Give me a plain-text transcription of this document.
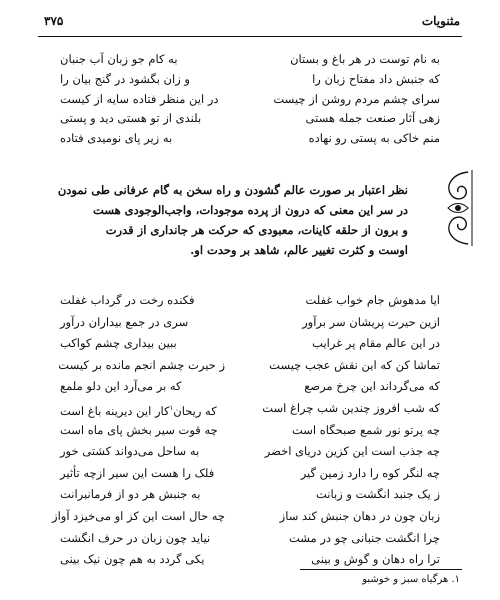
مثنویات
۳۷۵
به نام توست در هر باغ و بستان
به کام جو زبان آب جنبان
که جنبش داد مفتاح زبان را
و زان بگشود در گنج بیان را
سرای چشم مردم روشن از چیست
در این منظر فتاده سایه از کیست
زهی آثار صنعت جمله هستی
بلندی از تو هستی دید و پستی
منم خاکی به پستی رو نهاده
به زیر پای نومیدی فتاده
نظر اعتبار بر صورت عالم گشودن و راه سخن به گام عرفانی طی نمودن
در سر این معنی که درون از پرده موجودات، واجب‌الوجودی هست
و برون از حلقه کاینات، معبودی که حرکت هر جانداری از قدرت
اوست و کثرت تغییر عالم، شاهد بر وحدت او.
ایا مدهوش جام خواب غفلت
فکنده رخت در گرداب غفلت
ازین حیرت پریشان سر برآور
سری در جمع بیداران درآور
در این عالم مقام پر غرایب
ببین بیداری چشم کواکب
تماشا کن که این نقش عجب چیست
ز حیرت چشم انجم مانده بر کیست
که می‌گرداند این چرخ مرصع
که بر می‌آرد این دلو ملمع
که شب افروز چندین شب چراغ است
که ریحان$^۱$کار این دیرینه باغ است
چه پرتو نور شمع صبحگاه است
چه قوت سیر بخش پای ماه است
چه جذب است این کزین دریای اخضر
به ساحل می‌دواند کشتی خور
چه لنگر کوه را دارد زمین گیر
فلک را هست این سیر ازچه تأثیر
ز یک جنبد انگشت و زبانت
به جنبش هر دو از فرمانبرانت
زبان چون در دهان جنبش کند ساز
چه حال است این کز او می‌خیزد آواز
چرا انگشت جنبانی چو در مشت
نیاید چون زبان در حرف انگشت
ترا راه دهان و گوش و بینی
یکی گردد به هم چون نیک بینی
۱. هرگیاه سبز و خوشبو
